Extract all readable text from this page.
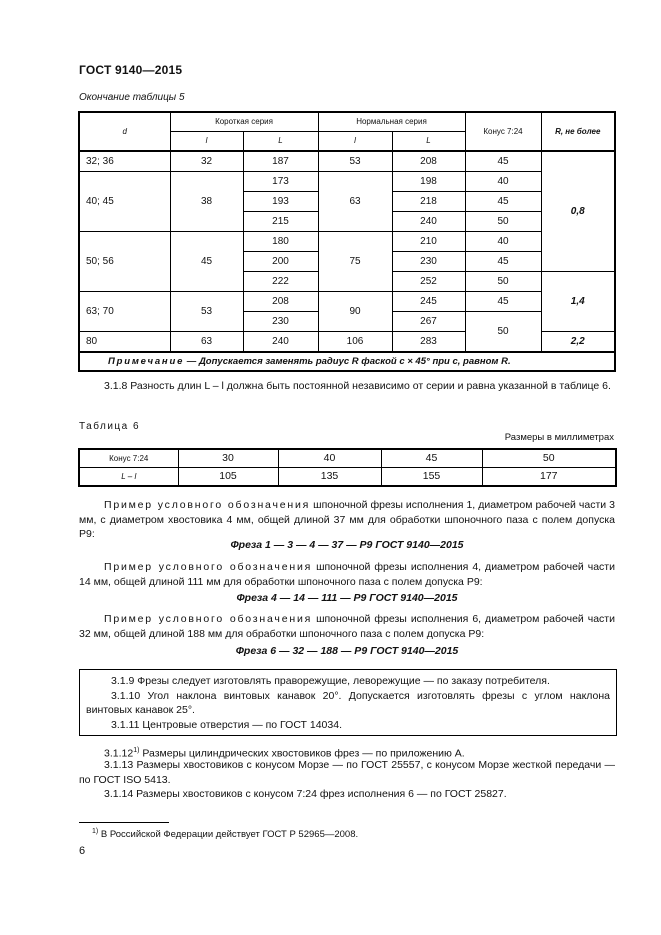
ГОСТ 9140—2015
Окончание таблицы 5
d	Короткая серия		Нормальная серия		Конус 7:24	R, не более
	l	L	l	L		
32; 36	32	187	53	208	45	0,8
40; 45	38	173	63	198	40	
		193		218	45	
		215		240	50	
50; 56	45	180	75	210	40	
		200		230	45	
		222		252	50	1,4
63; 70	53	208	90	245	45	
		230		267	50	
80	63	240	106	283		2,2
Примечание — Допускается заменять радиус R фаской с × 45° при с, равном R.						
3.1.8 Разность длин L – l должна быть постоянной независимо от серии и равна указанной в таблице 6.
Таблица 6
Размеры в миллиметрах
Конус 7:24	30	40	45	50
L – l	105	135	155	177
Пример условного обозначения шпоночной фрезы исполнения 1, диаметром рабочей части 3 мм, с диаметром хвостовика 4 мм, общей длиной 37 мм для обработки шпоночного паза с полем допуска Р9:
Фреза 1 — 3 — 4 — 37 — Р9 ГОСТ 9140—2015
Пример условного обозначения шпоночной фрезы исполнения 4, диаметром рабочей части 14 мм, общей длиной 111 мм для обработки шпоночного паза с полем допуска Р9:
Фреза 4 — 14 — 111 — Р9 ГОСТ 9140—2015
Пример условного обозначения шпоночной фрезы исполнения 6, диаметром рабочей части 32 мм, общей длиной 188 мм для обработки шпоночного паза с полем допуска Р9:
Фреза 6 — 32 — 188 — Р9 ГОСТ 9140—2015
3.1.9 Фрезы следует изготовлять праворежущие, леворежущие — по заказу потребителя.
3.1.10 Угол наклона винтовых канавок 20°. Допускается изготовлять фрезы с углом наклона винтовых канавок 25°.
3.1.11 Центровые отверстия — по ГОСТ 14034.
3.1.12$^{1)}$ Размеры цилиндрических хвостовиков фрез — по приложению А.
3.1.13 Размеры хвостовиков с конусом Морзе — по ГОСТ 25557, с конусом Морзе жесткой передачи — по ГОСТ ISO 5413.
3.1.14 Размеры хвостовиков с конусом 7:24 фрез исполнения 6 — по ГОСТ 25827.
$^{1)}$ В Российской Федерации действует ГОСТ Р 52965—2008.
6
